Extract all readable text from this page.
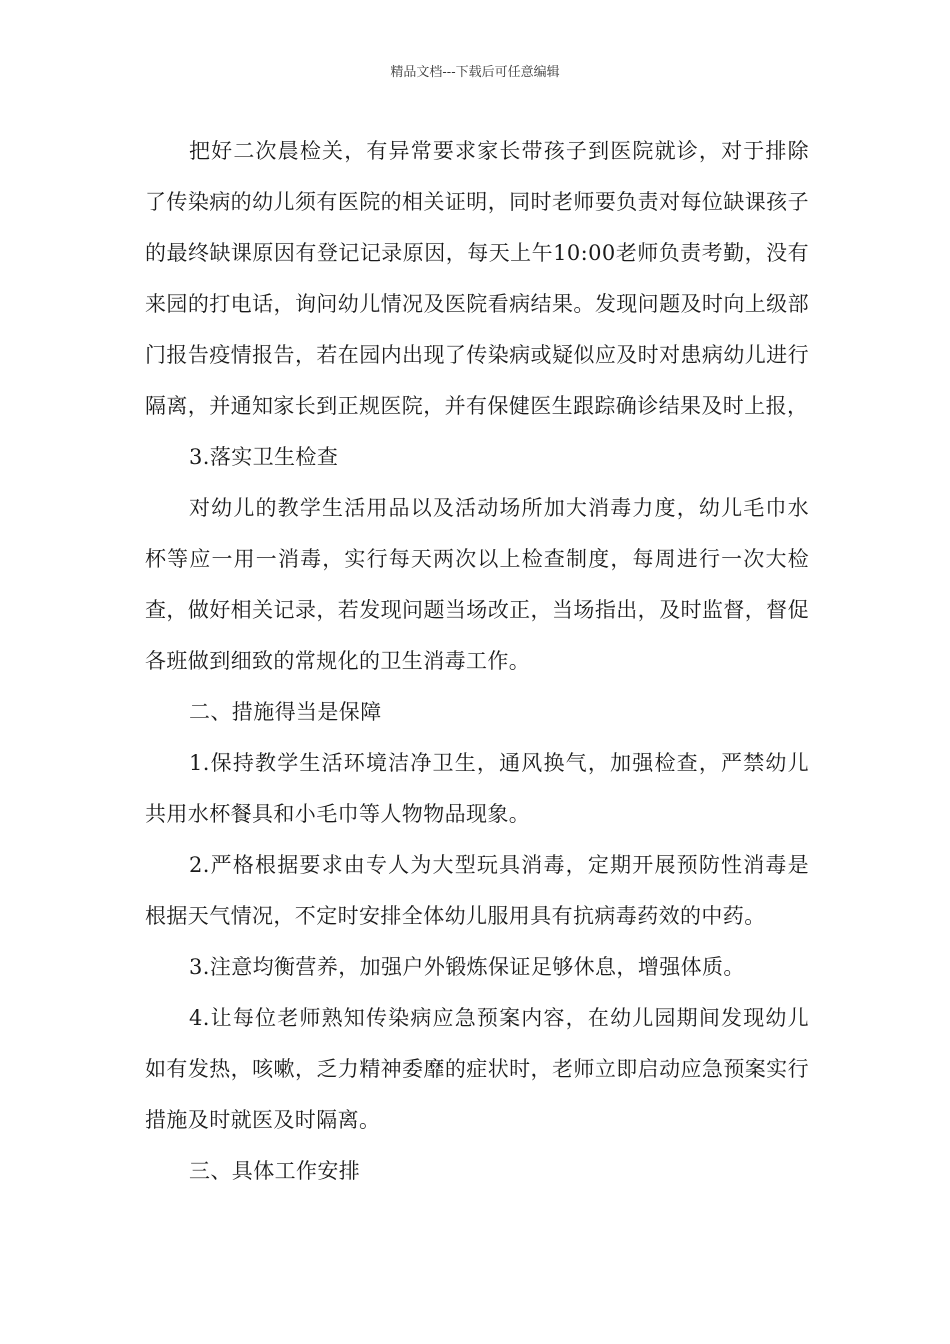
精品文档---下载后可任意编辑

把好二次晨检关，有异常要求家长带孩子到医院就诊，对于排除了传染病的幼儿须有医院的相关证明，同时老师要负责对每位缺课孩子的最终缺课原因有登记记录原因，每天上午10:00老师负责考勤，没有来园的打电话，询问幼儿情况及医院看病结果。发现问题及时向上级部门报告疫情报告，若在园内出现了传染病或疑似应及时对患病幼儿进行隔离，并通知家长到正规医院，并有保健医生跟踪确诊结果及时上报，

3.落实卫生检查

对幼儿的教学生活用品以及活动场所加大消毒力度，幼儿毛巾水杯等应一用一消毒，实行每天两次以上检查制度，每周进行一次大检查，做好相关记录，若发现问题当场改正，当场指出，及时监督，督促各班做到细致的常规化的卫生消毒工作。

二、措施得当是保障

1.保持教学生活环境洁净卫生，通风换气，加强检查，严禁幼儿共用水杯餐具和小毛巾等人物物品现象。

2.严格根据要求由专人为大型玩具消毒，定期开展预防性消毒是根据天气情况，不定时安排全体幼儿服用具有抗病毒药效的中药。

3.注意均衡营养，加强户外锻炼保证足够休息，增强体质。

4.让每位老师熟知传染病应急预案内容，在幼儿园期间发现幼儿如有发热，咳嗽，乏力精神委靡的症状时，老师立即启动应急预案实行措施及时就医及时隔离。

三、具体工作安排
